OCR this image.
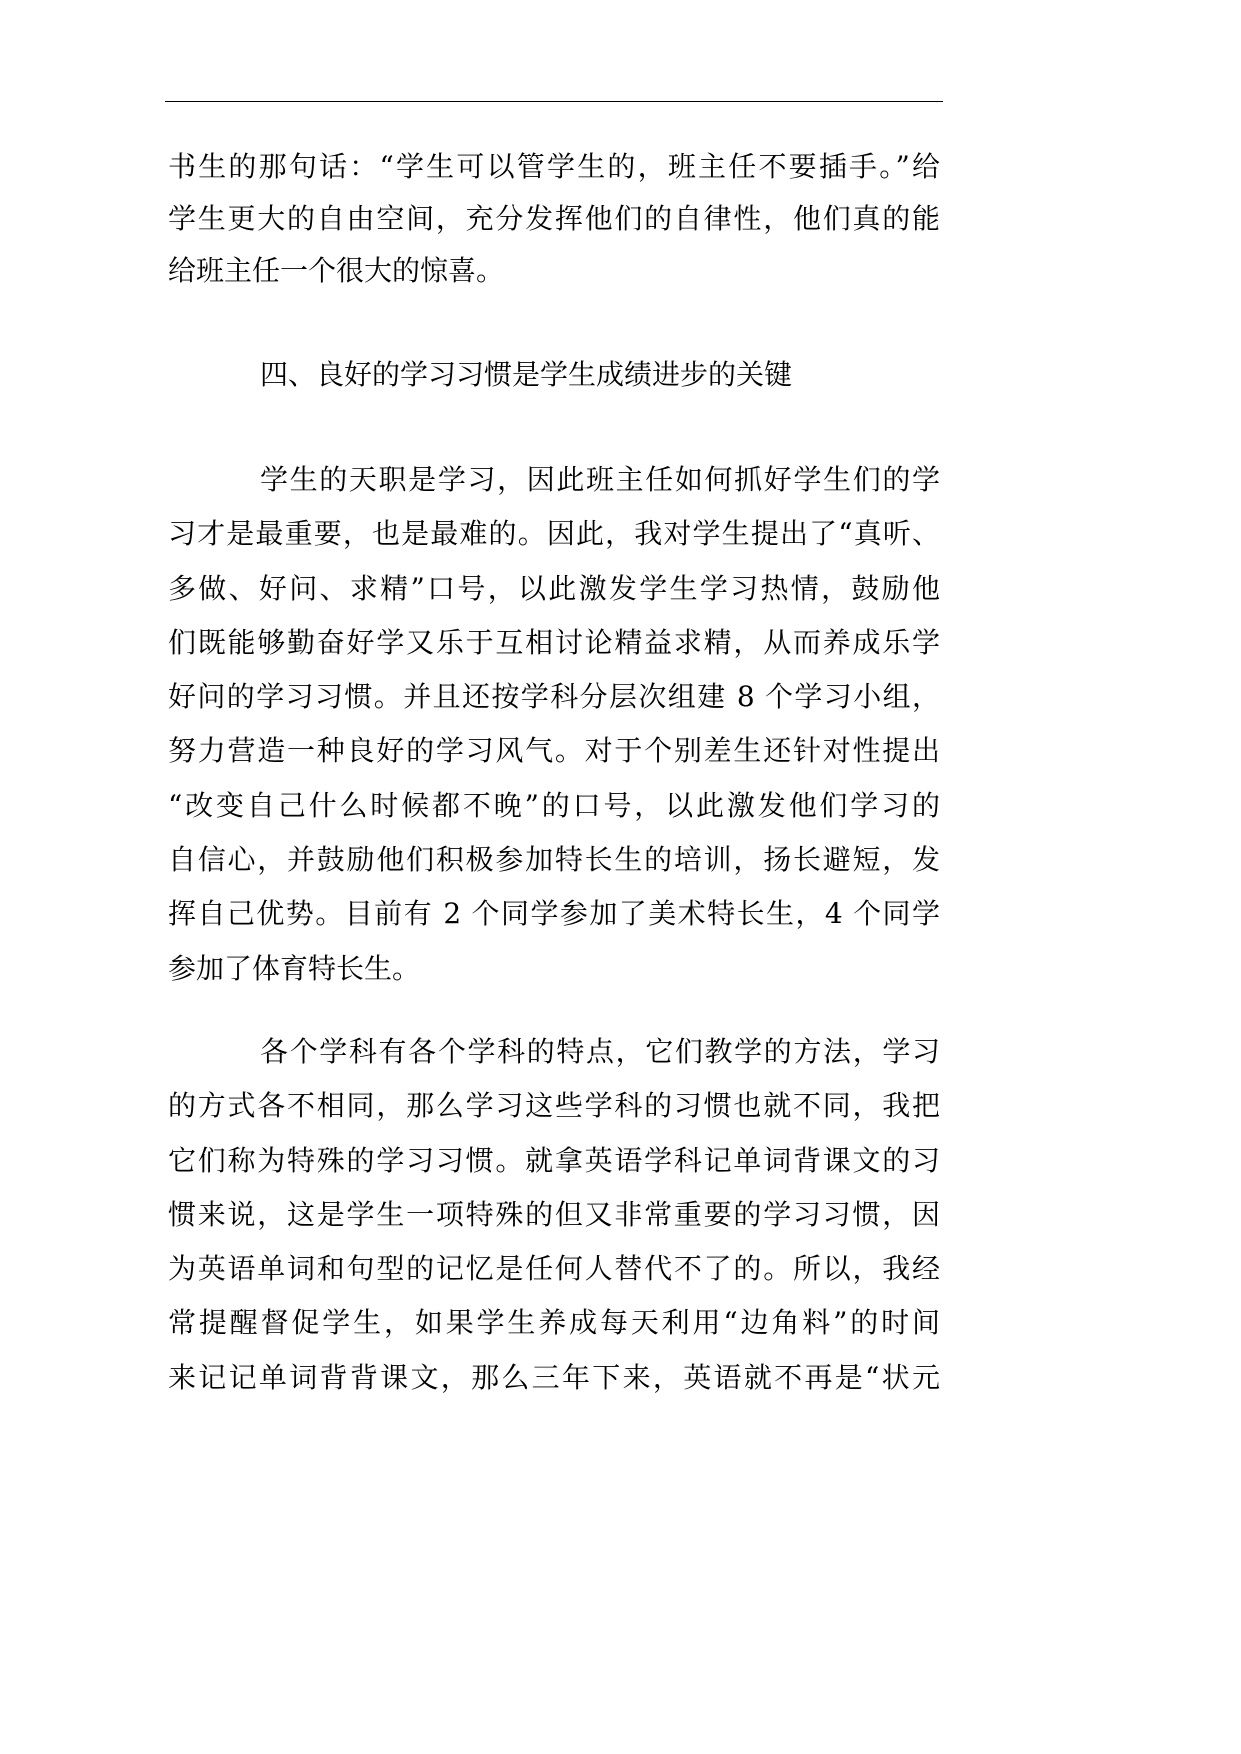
书生的那句话：“学生可以管学生的，班主任不要插手。”给
学生更大的自由空间，充分发挥他们的自律性，他们真的能
给班主任一个很大的惊喜。
四、良好的学习习惯是学生成绩进步的关键
学生的天职是学习，因此班主任如何抓好学生们的学
习才是最重要，也是最难的。因此，我对学生提出了“真听、
多做、好问、求精”口号，以此激发学生学习热情，鼓励他
们既能够勤奋好学又乐于互相讨论精益求精，从而养成乐学
好问的学习习惯。并且还按学科分层次组建 8 个学习小组，
努力营造一种良好的学习风气。对于个别差生还针对性提出
“改变自己什么时候都不晚”的口号，以此激发他们学习的
自信心，并鼓励他们积极参加特长生的培训，扬长避短，发
挥自己优势。目前有 2 个同学参加了美术特长生，4 个同学
参加了体育特长生。
各个学科有各个学科的特点，它们教学的方法，学习
的方式各不相同，那么学习这些学科的习惯也就不同，我把
它们称为特殊的学习习惯。就拿英语学科记单词背课文的习
惯来说，这是学生一项特殊的但又非常重要的学习习惯，因
为英语单词和句型的记忆是任何人替代不了的。所以，我经
常提醒督促学生，如果学生养成每天利用“边角料”的时间
来记记单词背背课文，那么三年下来，英语就不再是“状元
